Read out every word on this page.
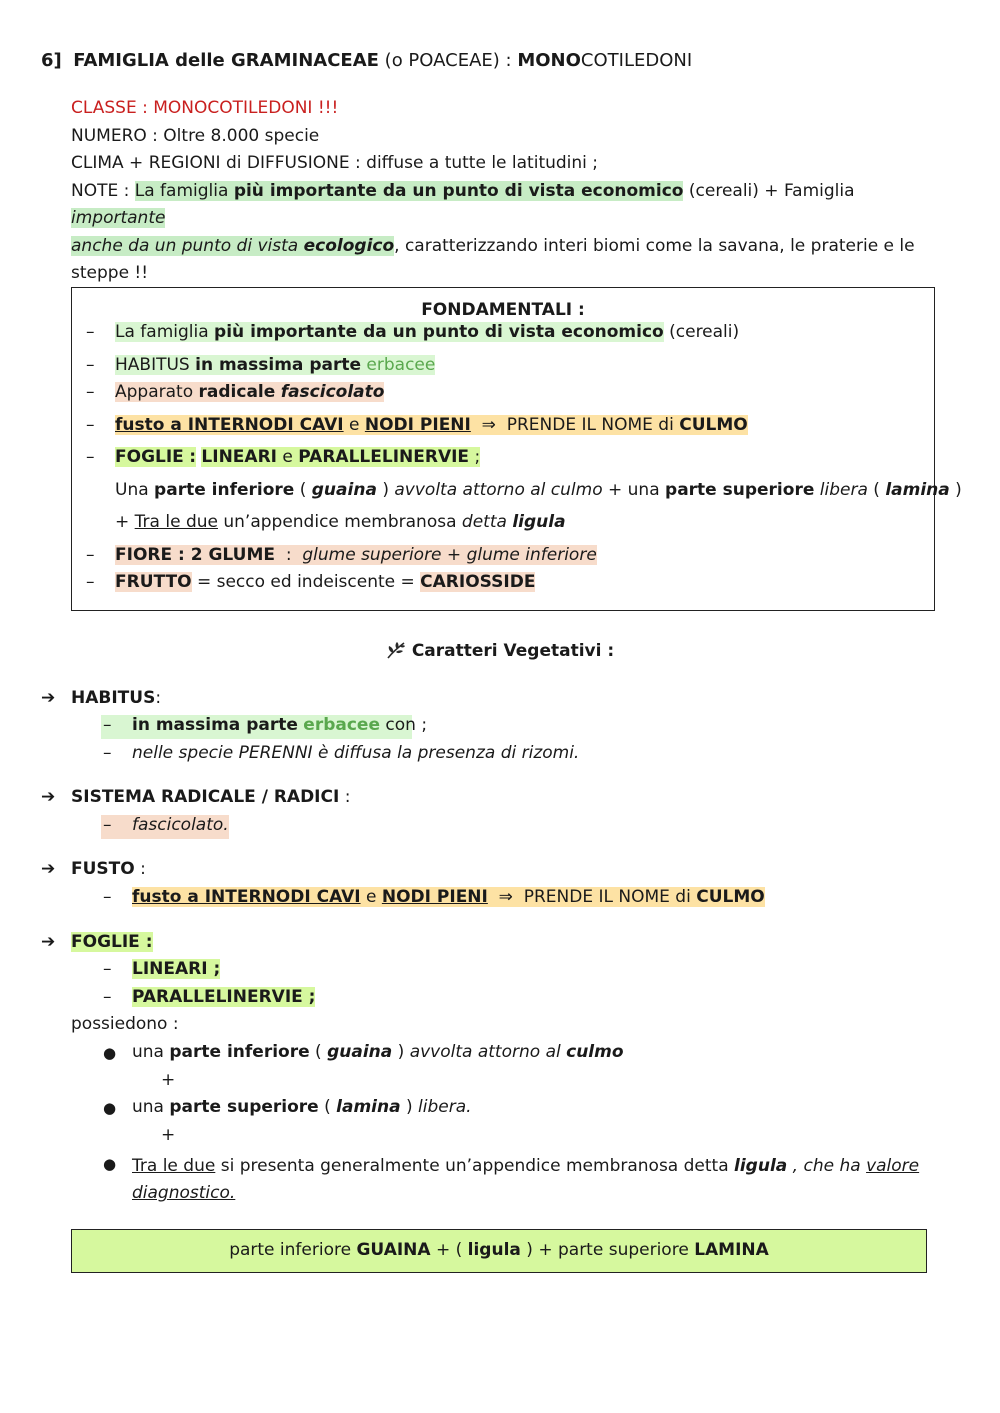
6] FAMIGLIA delle GRAMINACEAE (o POACEAE) : MONOCOTILEDONI
CLASSE : MONOCOTILEDONI !!!
NUMERO : Oltre 8.000 specie
CLIMA + REGIONI di DIFFUSIONE : diffuse a tutte le latitudini ;
NOTE : La famiglia più importante da un punto di vista economico (cereali) + Famiglia importante
anche da un punto di vista ecologico, caratterizzando interi biomi come la savana, le praterie e le
steppe !!
FONDAMENTALI :
– La famiglia più importante da un punto di vista economico (cereali)
– HABITUS in massima parte erbacee
– Apparato radicale fascicolato
– fusto a INTERNODI CAVI e NODI PIENI ⇒ PRENDE IL NOME di CULMO
– FOGLIE : LINEARI e PARALLELINERVIE ;
Una parte inferiore ( guaina ) avvolta attorno al culmo + una parte superiore libera ( lamina )
+ Tra le due un’appendice membranosa detta ligula
– FIORE : 2 GLUME : glume superiore + glume inferiore
– FRUTTO = secco ed indeiscente = CARIOSSIDE
Caratteri Vegetativi :
➔ HABITUS:
– in massima parte erbacee con ;
– nelle specie PERENNI è diffusa la presenza di rizomi.
➔ SISTEMA RADICALE / RADICI :
– fascicolato.
➔ FUSTO :
– fusto a INTERNODI CAVI e NODI PIENI ⇒ PRENDE IL NOME di CULMO
➔ FOGLIE :
– LINEARI ;
– PARALLELINERVIE ;
possiedono :
● una parte inferiore ( guaina ) avvolta attorno al culmo
+
● una parte superiore ( lamina ) libera.
+
● Tra le due si presenta generalmente un’appendice membranosa detta ligula , che ha valore
diagnostico.
parte inferiore GUAINA + ( ligula ) + parte superiore LAMINA
